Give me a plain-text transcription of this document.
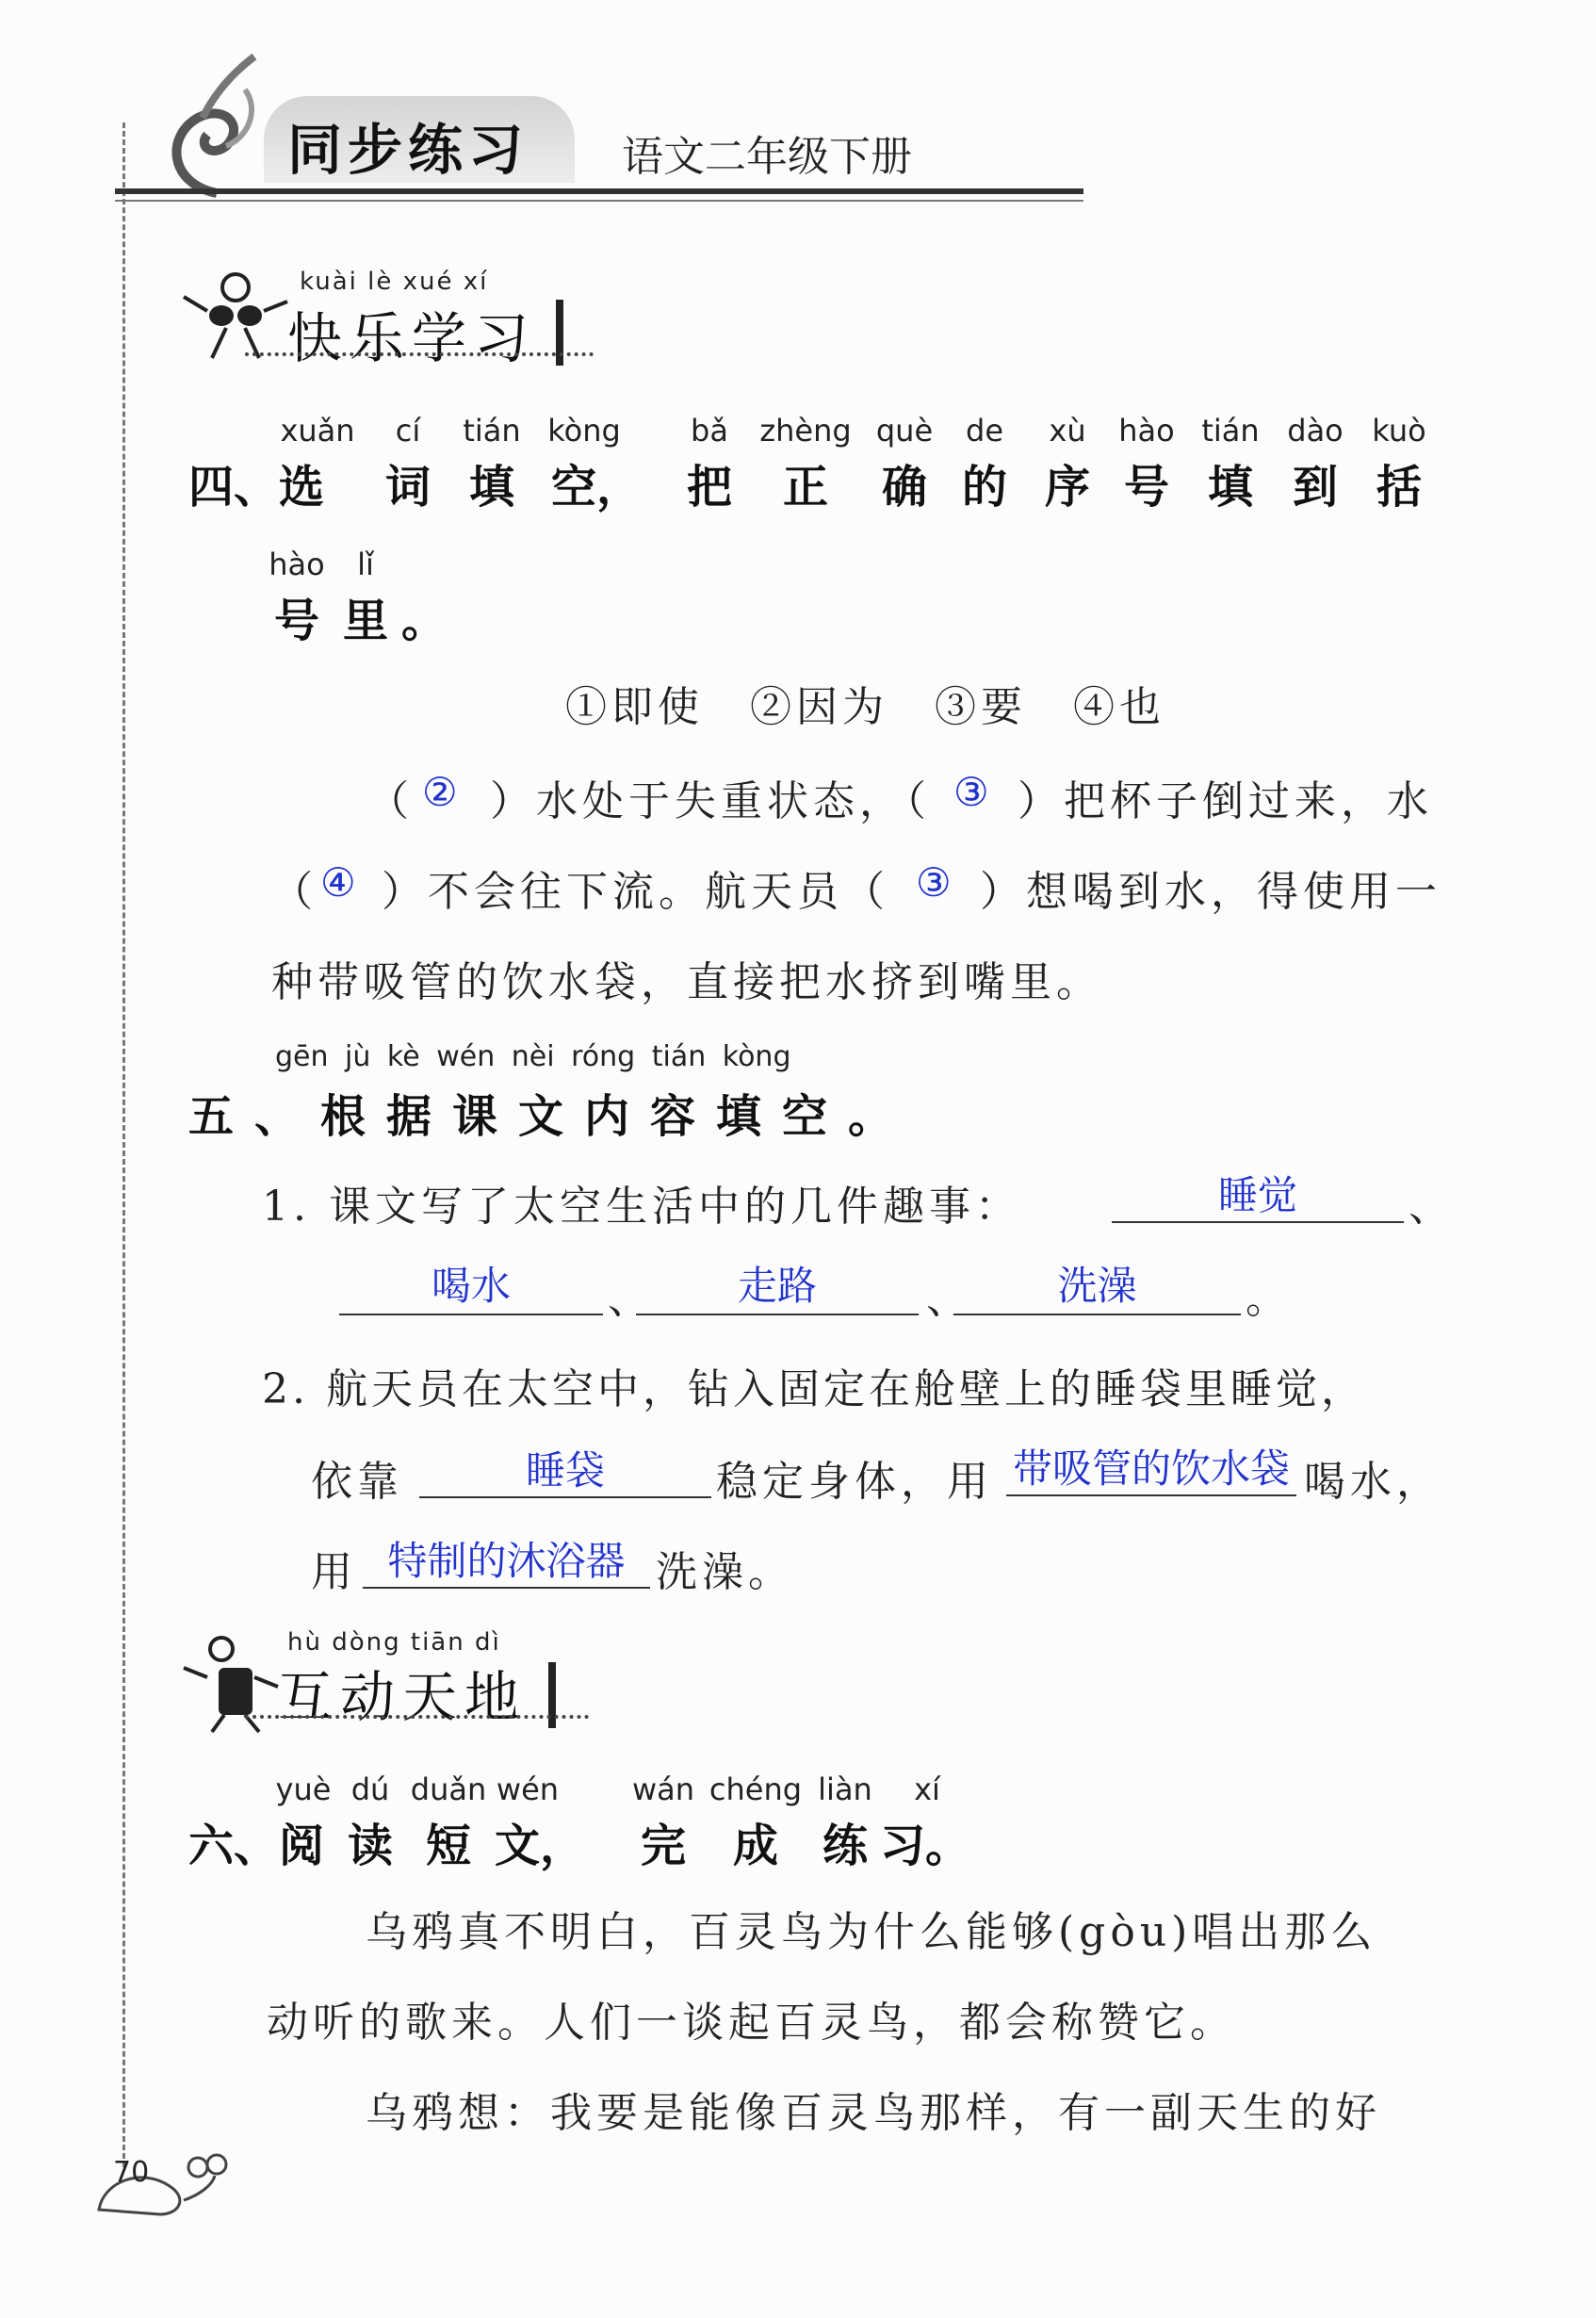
同步练习 语文二年级下册
kuài lè xué xí
快乐学习
xuǎn	cí	tián kòng	bǎ	zhèng què	de	xù	hào tián dào kuò
四、选	词 填 空， 把	正	确 的 序 号 填 到 括
hào	lǐ
号 里 。
①即使　②因为　③要　④也
（ ② ）水处于失重状态，（ ③ ）把杯子倒过来，水
（ ④ ）不会往下流。航天员（ ③ ）想喝到水，得使用一
种带吸管的饮水袋，直接把水挤到嘴里。
gēn jù kè wén nèi róng tián kòng
五、根据课文内容填空。
1. 课文写了太空生活中的几件趣事：	睡觉	、
喝水	、	走路	、	洗澡	。
2. 航天员在太空中，钻入固定在舱壁上的睡袋里睡觉，
依靠	睡袋	稳定身体，用 带吸管的饮水袋 喝水，
用 特制的沐浴器 洗澡。
hù dòng tiān dì
互动天地
yuè dú duǎn wén	wán chéng liàn	xí
六、阅 读 短 文，	完	成 练 习。
乌鸦真不明白，百灵鸟为什么能够(gòu)唱出那么
动听的歌来。人们一谈起百灵鸟，都会称赞它。
乌鸦想：我要是能像百灵鸟那样，有一副天生的好
70
